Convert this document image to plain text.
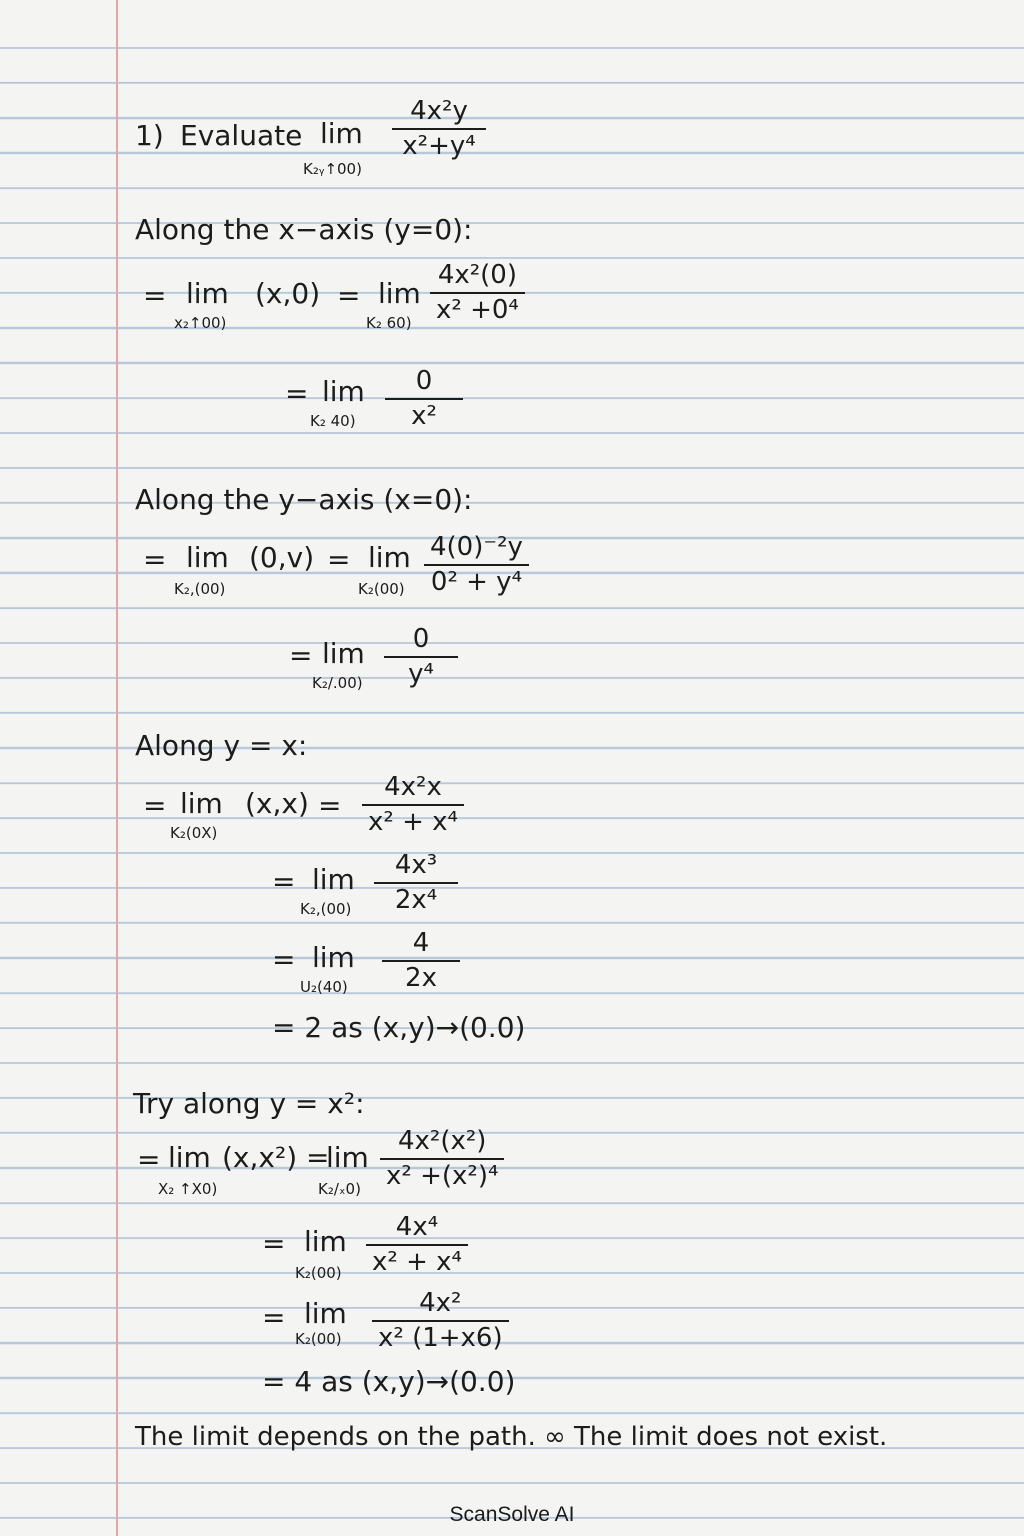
1) Evaluate lim
K₂ᵧ↑00)
4x²y
x²+y⁴
Along the x−axis (y=0):
= lim (x,0)
x₂↑00)
= lim
K₂ 60)
4x²(0)
x² +0⁴
= lim
K₂ 40)
0
x²
Along the y−axis (x=0):
= lim (0,ᴠ)
K₂,(00)
= lim
K₂(00)
4(0)⁻²y
0² + y⁴
= lim
K₂/.00)
0
y⁴
Along y = x:
= lim (x,x)
K₂(0X)
=
4x²x
x² + x⁴
= lim
K₂,(00)
4x³
2x⁴
= lim
U₂(40)
4
2x
= 2 as (x,y)→(0.0)
Try along y = x²:
= lim (x,x²) =
X₂ ↑X0)
lim
K₂/ₓ0)
4x²(x²)
x² +(x²)⁴
= lim
K₂(00)
4x⁴
x² + x⁴
= lim
K₂(00)
4x²
x² (1+x6)
= 4 as (x,y)→(0.0)
The limit depends on the path. ∞ The limit does not exist.
ScanSolve AI
